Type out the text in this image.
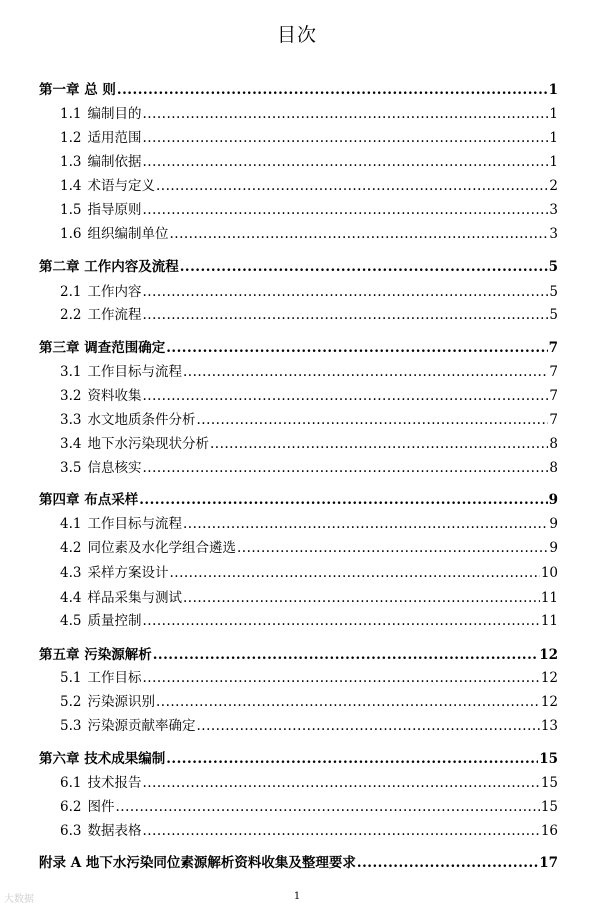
目次
第一章 总 则 .....	1
1.1 编制目的 .....	1
1.2 适用范围 .....	1
1.3 编制依据 .....	1
1.4 术语与定义 .....	2
1.5 指导原则 .....	3
1.6 组织编制单位 .....	3
第二章 工作内容及流程 .....	5
2.1 工作内容 .....	5
2.2 工作流程 .....	5
第三章 调查范围确定 .....	7
3.1 工作目标与流程 .....	7
3.2 资料收集 .....	7
3.3 水文地质条件分析 .....	7
3.4 地下水污染现状分析 .....	8
3.5 信息核实 .....	8
第四章 布点采样 .....	9
4.1 工作目标与流程 .....	9
4.2 同位素及水化学组合遴选 .....	9
4.3 采样方案设计 .....	10
4.4 样品采集与测试 .....	11
4.5 质量控制 .....	11
第五章 污染源解析 .....	12
5.1 工作目标 .....	12
5.2 污染源识别 .....	12
5.3 污染源贡献率确定 .....	13
第六章 技术成果编制 .....	15
6.1 技术报告 .....	15
6.2 图件 .....	15
6.3 数据表格 .....	16
附录 A 地下水污染同位素源解析资料收集及整理要求 .....	17
1
大数据
